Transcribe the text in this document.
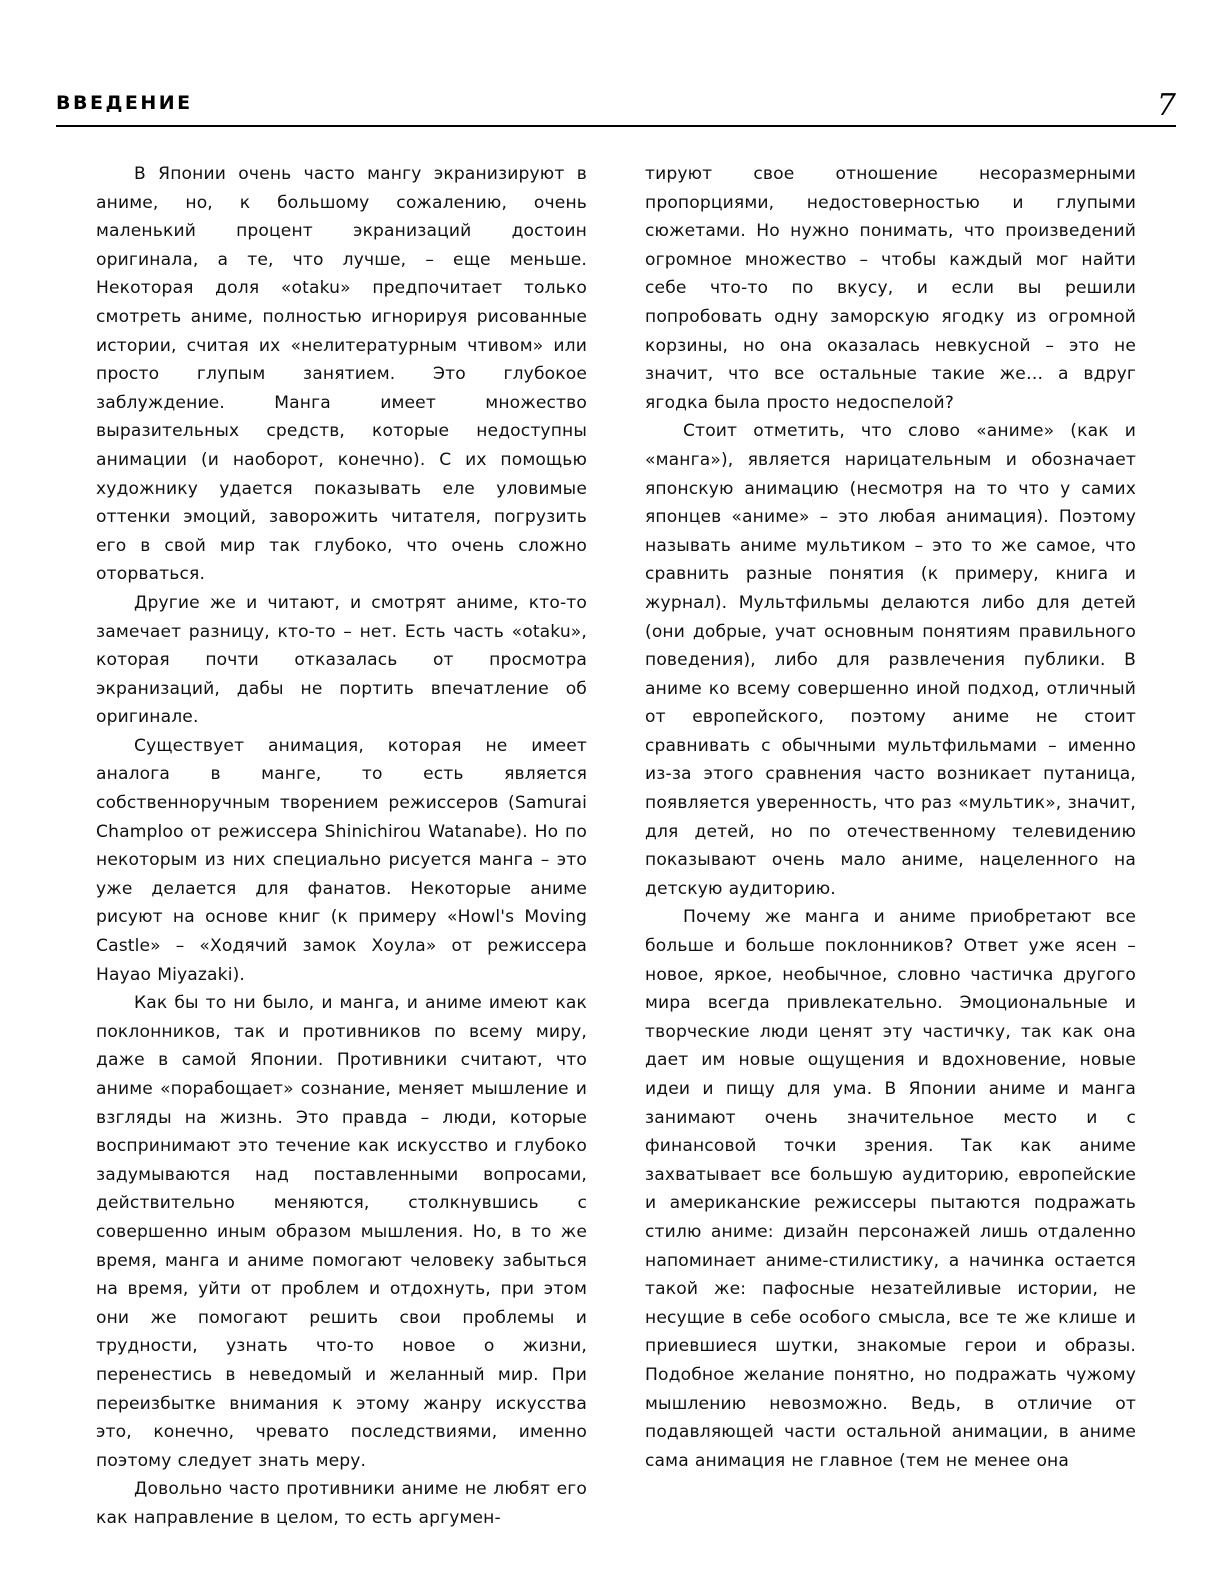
ВВЕДЕНИЕ	7

В Японии очень часто мангу экранизируют в аниме, но, к большому сожалению, очень маленький процент экранизаций достоин оригинала, а те, что лучше, – еще меньше. Некоторая доля «otaku» предпочитает только смотреть аниме, полностью игнорируя рисованные истории, считая их «нелитературным чтивом» или просто глупым занятием. Это глубокое заблуждение. Манга имеет множество выразительных средств, которые недоступны анимации (и наоборот, конечно). С их помощью художнику удается показывать еле уловимые оттенки эмоций, заворожить читателя, погрузить его в свой мир так глубоко, что очень сложно оторваться.

Другие же и читают, и смотрят аниме, кто-то замечает разницу, кто-то – нет. Есть часть «otaku», которая почти отказалась от просмотра экранизаций, дабы не портить впечатление об оригинале.

Существует анимация, которая не имеет аналога в манге, то есть является собственноручным творением режиссеров (Samurai Champloo от режиссера Shinichirou Watanabe). Но по некоторым из них специально рисуется манга – это уже делается для фанатов. Некоторые аниме рисуют на основе книг (к примеру «Howl's Moving Castle» – «Ходячий замок Хоула» от режиссера Hayao Miyazaki).

Как бы то ни было, и манга, и аниме имеют как поклонников, так и противников по всему миру, даже в самой Японии. Противники считают, что аниме «порабощает» сознание, меняет мышление и взгляды на жизнь. Это правда – люди, которые воспринимают это течение как искусство и глубоко задумываются над поставленными вопросами, действительно меняются, столкнувшись с совершенно иным образом мышления. Но, в то же время, манга и аниме помогают человеку забыться на время, уйти от проблем и отдохнуть, при этом они же помогают решить свои проблемы и трудности, узнать что-то новое о жизни, перенестись в неведомый и желанный мир. При переизбытке внимания к этому жанру искусства это, конечно, чревато последствиями, именно поэтому следует знать меру.

Довольно часто противники аниме не любят его как направление в целом, то есть аргумен-

тируют свое отношение несоразмерными пропорциями, недостоверностью и глупыми сюжетами. Но нужно понимать, что произведений огромное множество – чтобы каждый мог найти себе что-то по вкусу, и если вы решили попробовать одну заморскую ягодку из огромной корзины, но она оказалась невкусной – это не значит, что все остальные такие же… а вдруг ягодка была просто недоспелой?

Стоит отметить, что слово «аниме» (как и «манга»), является нарицательным и обозначает японскую анимацию (несмотря на то что у самих японцев «аниме» – это любая анимация). Поэтому называть аниме мультиком – это то же самое, что сравнить разные понятия (к примеру, книга и журнал). Мультфильмы делаются либо для детей (они добрые, учат основным понятиям правильного поведения), либо для развлечения публики. В аниме ко всему совершенно иной подход, отличный от европейского, поэтому аниме не стоит сравнивать с обычными мультфильмами – именно из-за этого сравнения часто возникает путаница, появляется уверенность, что раз «мультик», значит, для детей, но по отечественному телевидению показывают очень мало аниме, нацеленного на детскую аудиторию.

Почему же манга и аниме приобретают все больше и больше поклонников? Ответ уже ясен – новое, яркое, необычное, словно частичка другого мира всегда привлекательно. Эмоциональные и творческие люди ценят эту частичку, так как она дает им новые ощущения и вдохновение, новые идеи и пищу для ума. В Японии аниме и манга занимают очень значительное место и с финансовой точки зрения. Так как аниме захватывает все большую аудиторию, европейские и американские режиссеры пытаются подражать стилю аниме: дизайн персонажей лишь отдаленно напоминает аниме-стилистику, а начинка остается такой же: пафосные незатейливые истории, не несущие в себе особого смысла, все те же клише и приевшиеся шутки, знакомые герои и образы. Подобное желание понятно, но подражать чужому мышлению невозможно. Ведь, в отличие от подавляющей части остальной анимации, в аниме сама анимация не главное (тем не менее она
